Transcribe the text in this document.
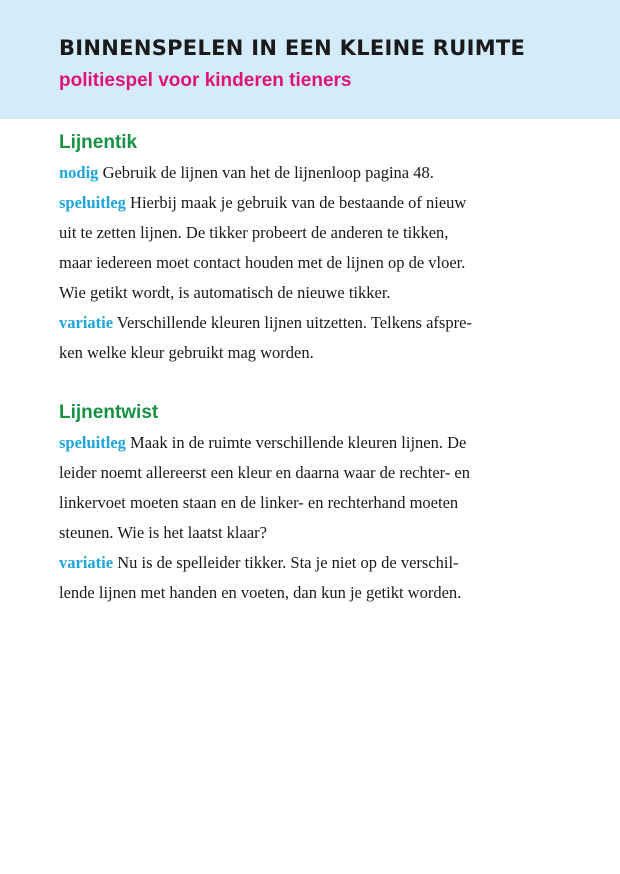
BINNENSPELEN IN EEN KLEINE RUIMTE
politiespel voor kinderen tieners
Lijnentik
nodig Gebruik de lijnen van het de lijnenloop pagina 48.
speluitleg Hierbij maak je gebruik van de bestaande of nieuw
uit te zetten lijnen. De tikker probeert de anderen te tikken,
maar iedereen moet contact houden met de lijnen op de vloer.
Wie getikt wordt, is automatisch de nieuwe tikker.
variatie Verschillende kleuren lijnen uitzetten. Telkens afspre-
ken welke kleur gebruikt mag worden.
Lijnentwist
speluitleg Maak in de ruimte verschillende kleuren lijnen. De
leider noemt allereerst een kleur en daarna waar de rechter- en
linkervoet moeten staan en de linker- en rechterhand moeten
steunen. Wie is het laatst klaar?
variatie Nu is de spelleider tikker. Sta je niet op de verschil-
lende lijnen met handen en voeten, dan kun je getikt worden.
